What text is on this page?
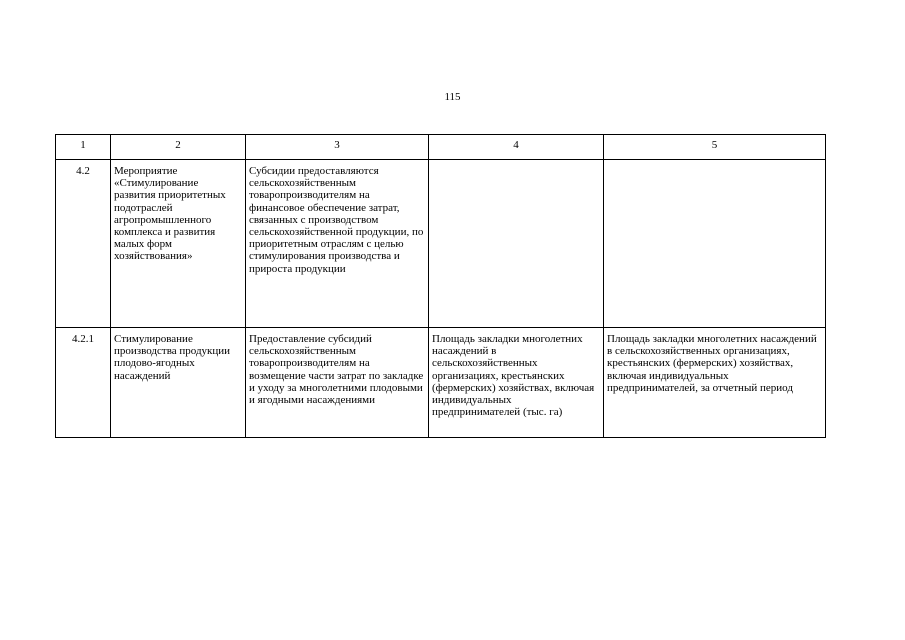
115
1	2	3	4	5
4.2	Мероприятие «Стимулирование развития приоритетных подотраслей агропромышленного комплекса и развития малых форм хозяйствования»	Субсидии предоставляются сельскохозяйственным товаропроизводителям на финансовое обеспечение затрат, связанных с производством сельскохозяйственной продукции, по приоритетным отраслям с целью стимулирования производства и прироста продукции		
4.2.1	Стимулирование производства продукции плодово-ягодных насаждений	Предоставление субсидий сельскохозяйственным товаропроизводителям на возмещение части затрат по закладке и уходу за многолетними плодовыми и ягодными насаждениями	Площадь закладки многолетних насаждений в сельскохозяйственных организациях, крестьянских (фермерских) хозяйствах, включая индивидуальных предпринимателей (тыс. га)	Площадь закладки многолетних насаждений в сельскохозяйственных организациях, крестьянских (фермерских) хозяйствах, включая индивидуальных предпринимателей, за отчетный период
